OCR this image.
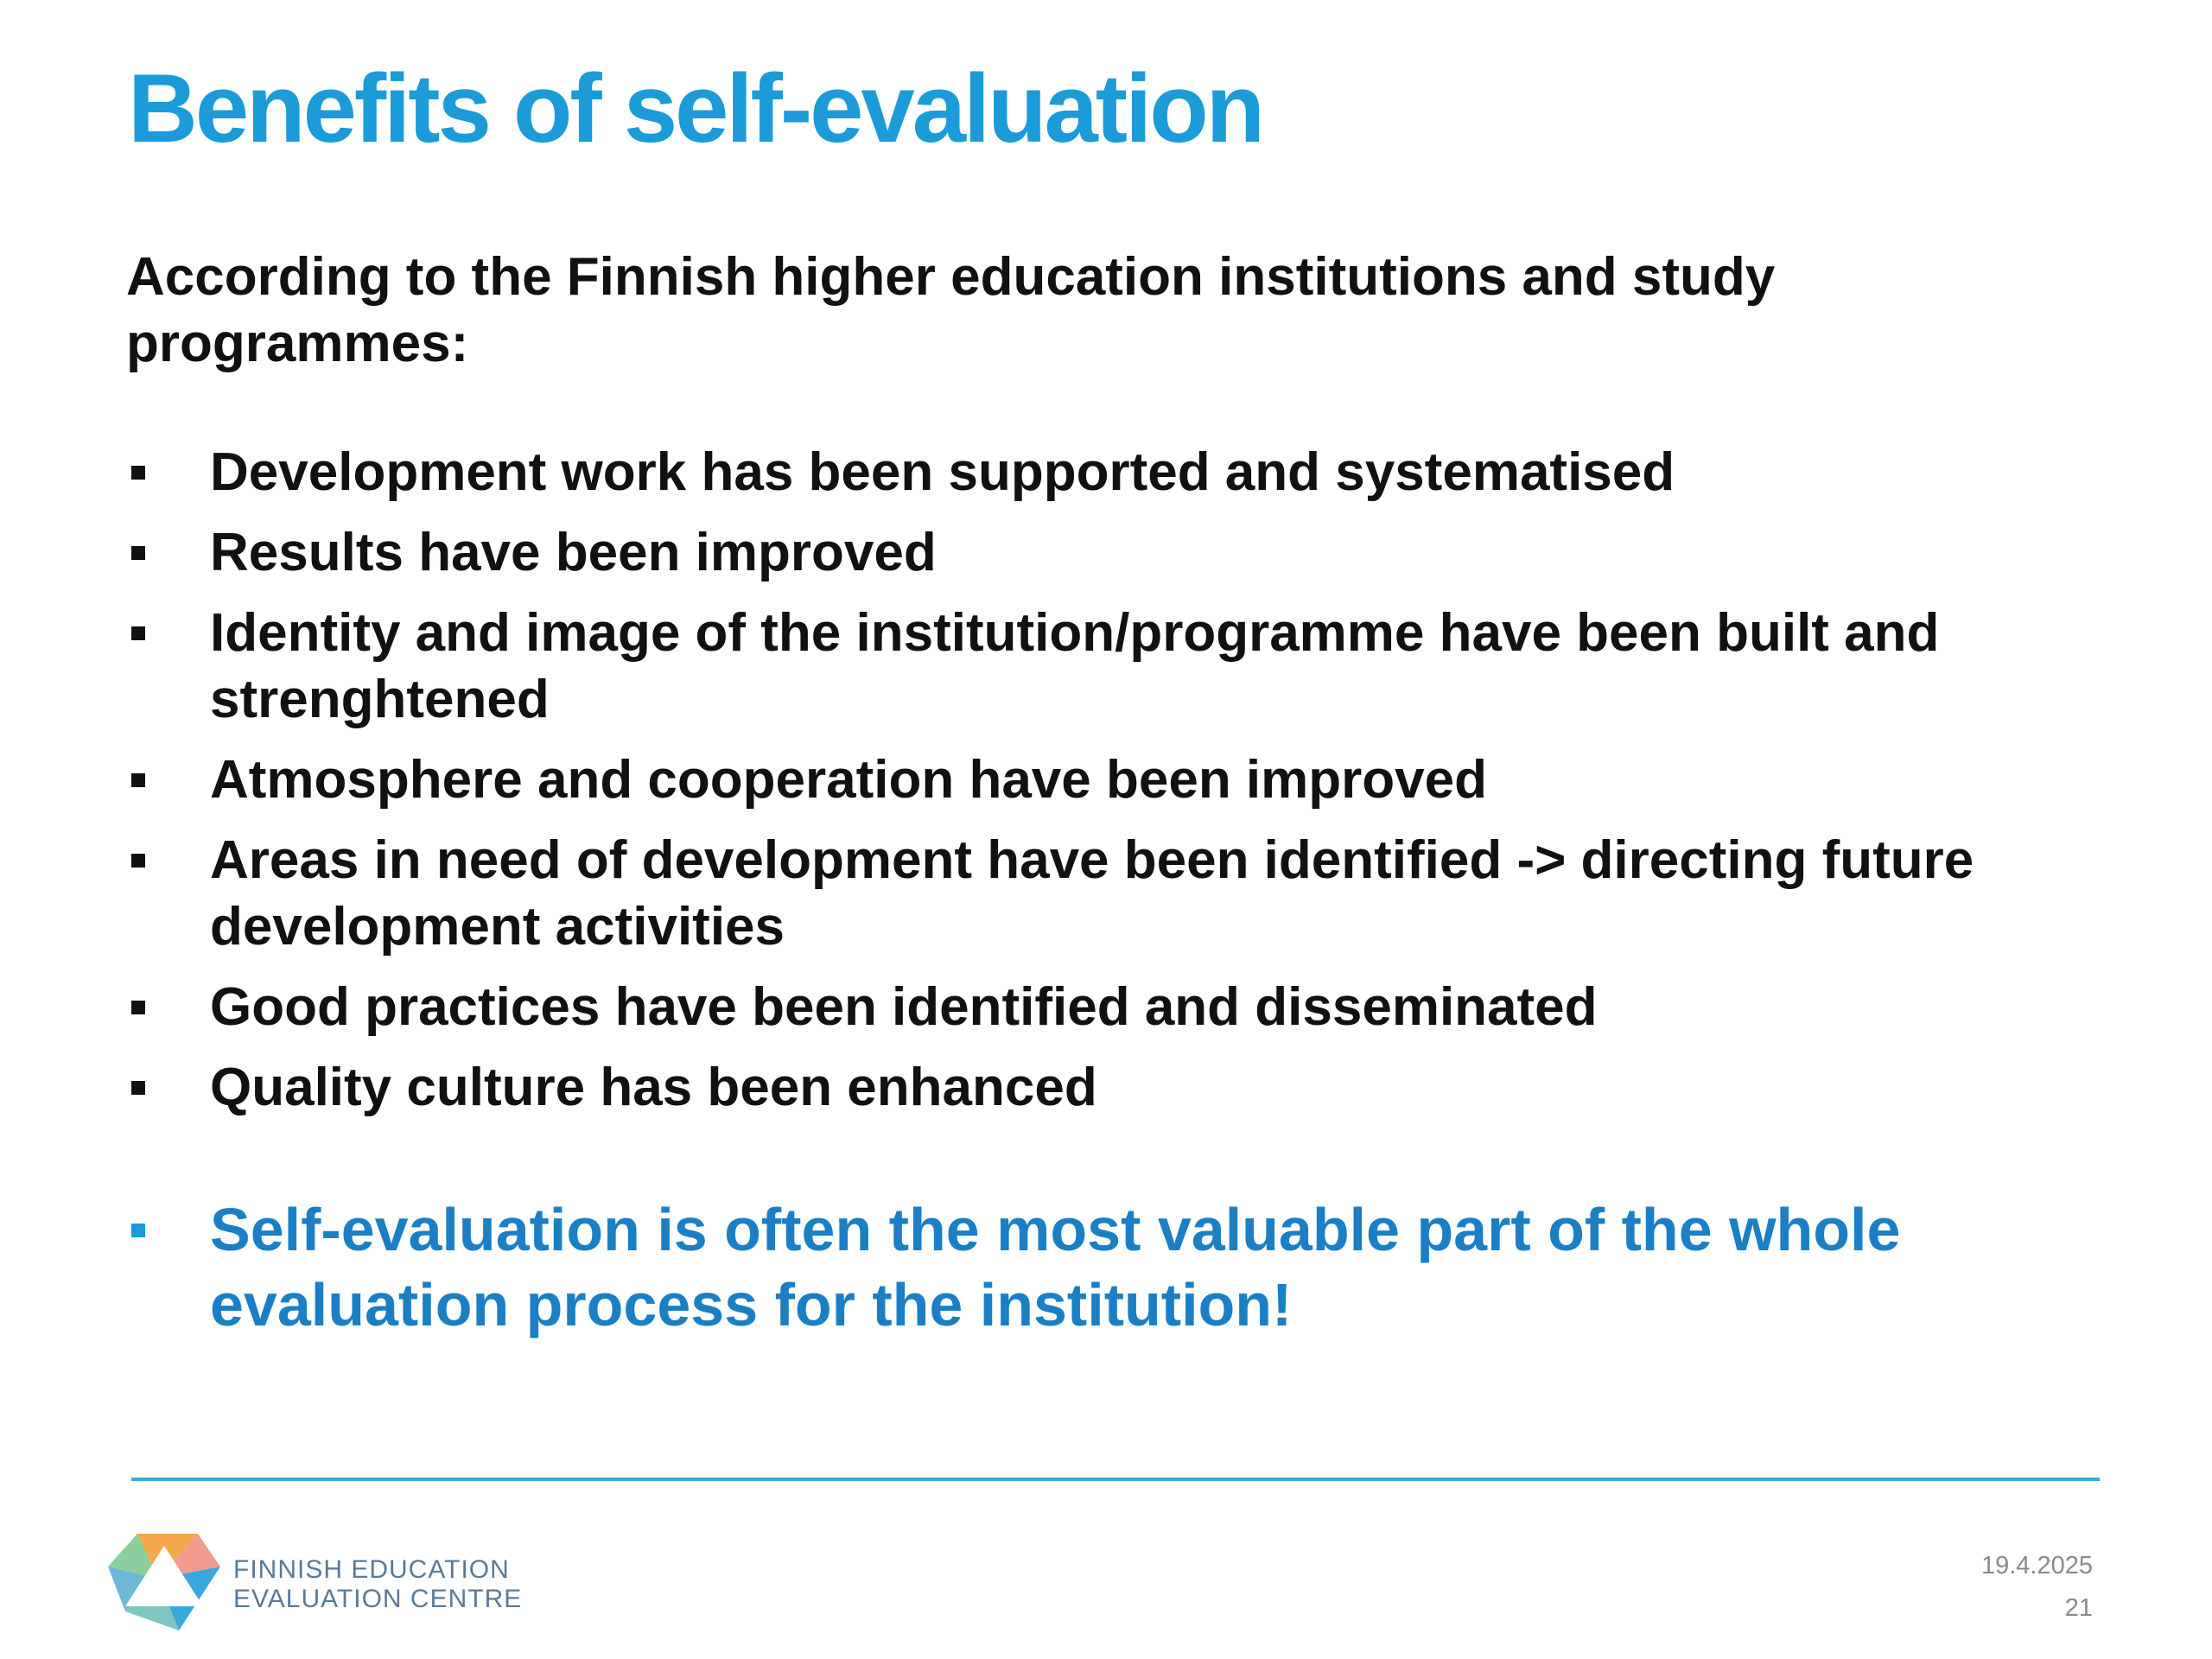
Benefits of self-evaluation

According to the Finnish higher education institutions and study programmes:

Development work has been supported and systematised
Results have been improved
Identity and image of the institution/programme have been built and strenghtened
Atmosphere and cooperation have been improved
Areas in need of development have been identified -> directing future development activities
Good practices have been identified and disseminated
Quality culture has been enhanced

Self-evaluation is often the most valuable part of the whole evaluation process for the institution!

FINNISH EDUCATION
EVALUATION CENTRE
19.4.2025
21
